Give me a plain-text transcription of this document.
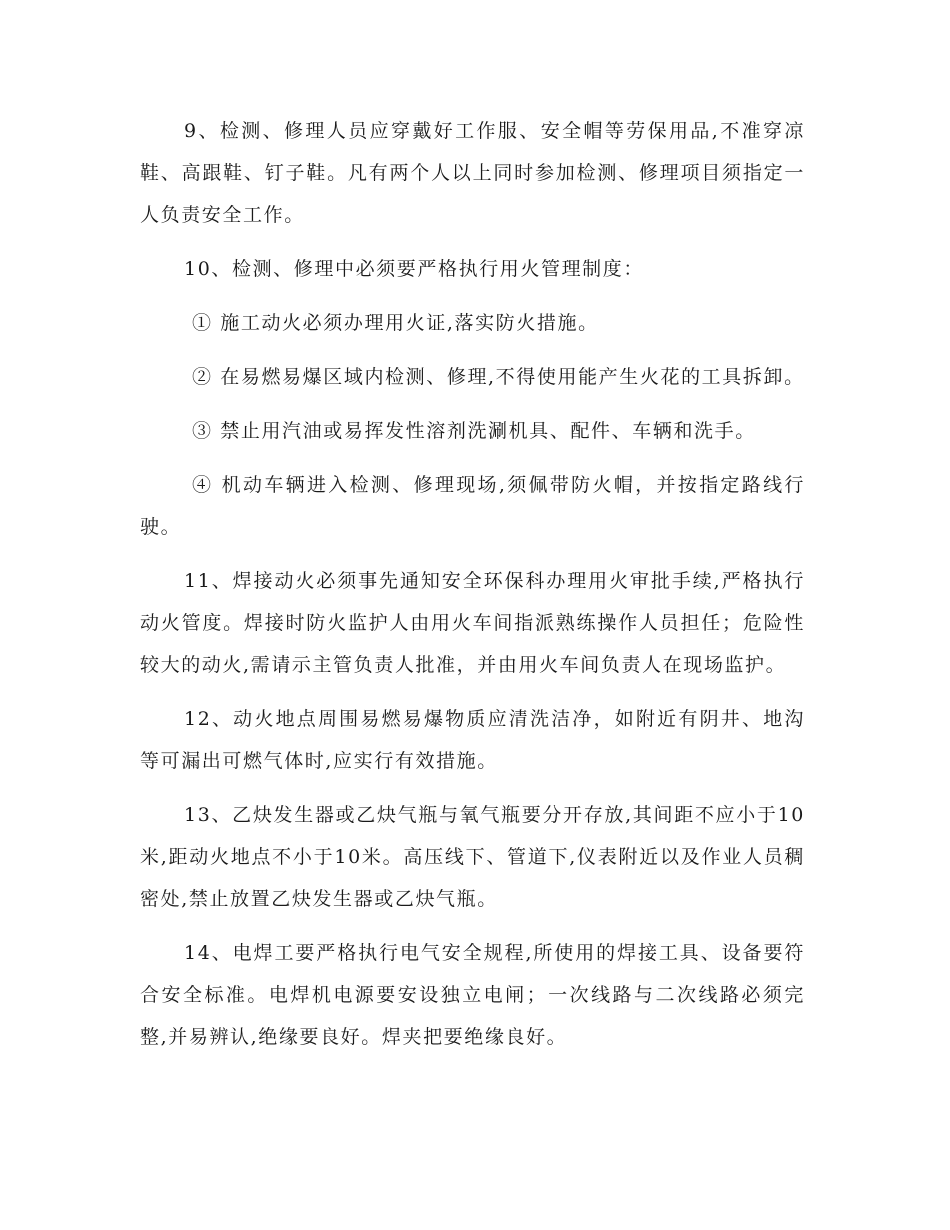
9、检测、修理人员应穿戴好工作服、安全帽等劳保用品,不准穿凉鞋、高跟鞋、钉子鞋。凡有两个人以上同时参加检测、修理项目须指定一人负责安全工作。

10、检测、修理中必须要严格执行用火管理制度：

① 施工动火必须办理用火证,落实防火措施。

② 在易燃易爆区域内检测、修理,不得使用能产生火花的工具拆卸。

③ 禁止用汽油或易挥发性溶剂洗涮机具、配件、车辆和洗手。

④ 机动车辆进入检测、修理现场,须佩带防火帽，并按指定路线行驶。

11、焊接动火必须事先通知安全环保科办理用火审批手续,严格执行动火管度。焊接时防火监护人由用火车间指派熟练操作人员担任；危险性较大的动火,需请示主管负责人批准，并由用火车间负责人在现场监护。

12、动火地点周围易燃易爆物质应清洗洁净，如附近有阴井、地沟等可漏出可燃气体时,应实行有效措施。

13、乙炔发生器或乙炔气瓶与氧气瓶要分开存放,其间距不应小于10米,距动火地点不小于10米。高压线下、管道下,仪表附近以及作业人员稠密处,禁止放置乙炔发生器或乙炔气瓶。

14、电焊工要严格执行电气安全规程,所使用的焊接工具、设备要符合安全标准。电焊机电源要安设独立电闸；一次线路与二次线路必须完整,并易辨认,绝缘要良好。焊夹把要绝缘良好。
